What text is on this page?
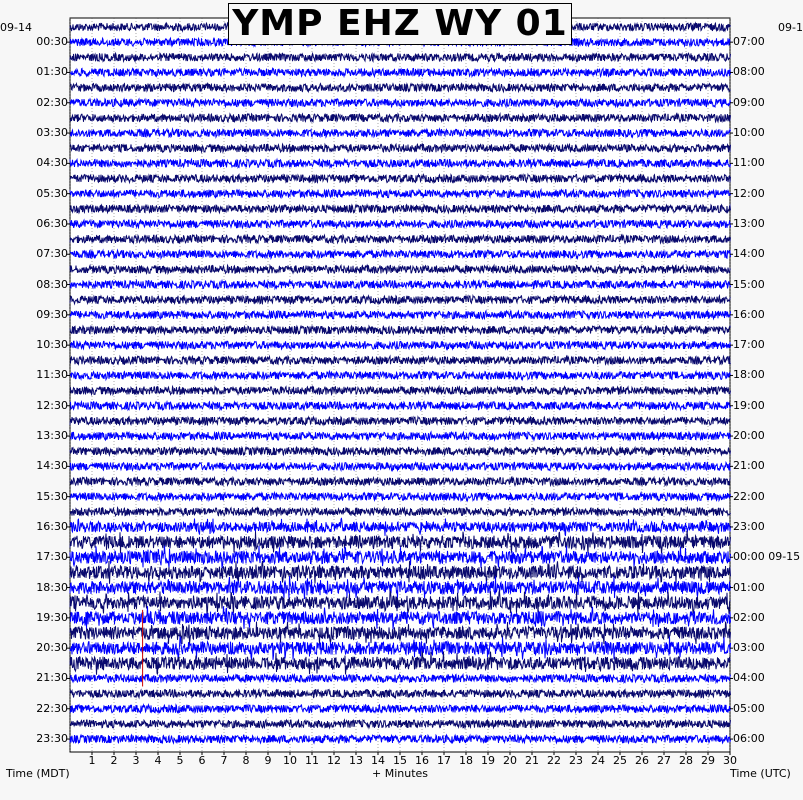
YMP EHZ WY 01
09-14	09-1
+ Minutes
Time (MDT)	Time (UTC)
00:30
01:30
02:30
03:30
04:30
05:30
06:30
07:30
08:30
09:30
10:30
11:30
12:30
13:30
14:30
15:30
16:30
17:30
18:30
19:30
20:30
21:30
22:30
23:30
07:00
08:00
09:00
10:00
11:00
12:00
13:00
14:00
15:00
16:00
17:00
18:00
19:00
20:00
21:00
22:00
23:00
00:00 09-15
01:00
02:00
03:00
04:00
05:00
06:00
1	2	3	4	5	6	7	8	9	10 11 12 13 14 15 16 17 18 19 20 21 22 23 24 25 26 27 28 29 30
